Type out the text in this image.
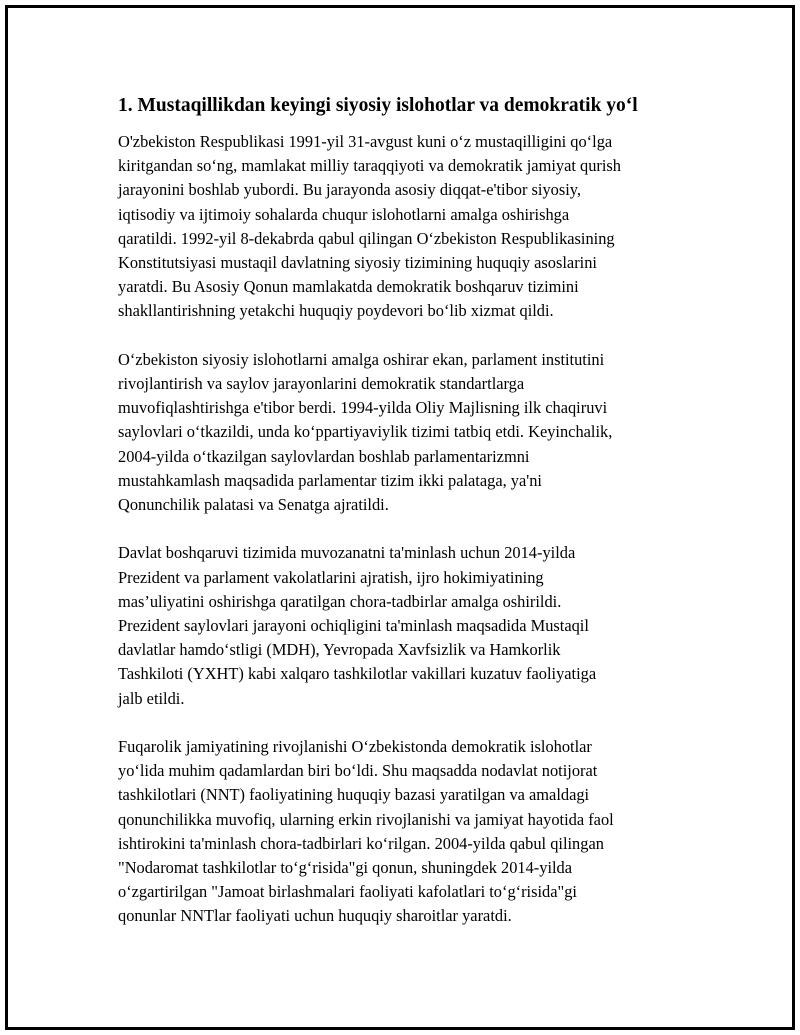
1. Mustaqillikdan keyingi siyosiy islohotlar va demokratik yo‘l

O'zbekiston Respublikasi 1991-yil 31-avgust kuni o‘z mustaqilligini qo‘lga
kiritgandan so‘ng, mamlakat milliy taraqqiyoti va demokratik jamiyat qurish
jarayonini boshlab yubordi. Bu jarayonda asosiy diqqat-e'tibor siyosiy,
iqtisodiy va ijtimoiy sohalarda chuqur islohotlarni amalga oshirishga
qaratildi. 1992-yil 8-dekabrda qabul qilingan O‘zbekiston Respublikasining
Konstitutsiyasi mustaqil davlatning siyosiy tizimining huquqiy asoslarini
yaratdi. Bu Asosiy Qonun mamlakatda demokratik boshqaruv tizimini
shakllantirishning yetakchi huquqiy poydevori bo‘lib xizmat qildi.

O‘zbekiston siyosiy islohotlarni amalga oshirar ekan, parlament institutini
rivojlantirish va saylov jarayonlarini demokratik standartlarga
muvofiqlashtirishga e'tibor berdi. 1994-yilda Oliy Majlisning ilk chaqiruvi
saylovlari o‘tkazildi, unda ko‘ppartiyaviylik tizimi tatbiq etdi. Keyinchalik,
2004-yilda o‘tkazilgan saylovlardan boshlab parlamentarizmni
mustahkamlash maqsadida parlamentar tizim ikki palataga, ya'ni
Qonunchilik palatasi va Senatga ajratildi.

Davlat boshqaruvi tizimida muvozanatni ta'minlash uchun 2014-yilda
Prezident va parlament vakolatlarini ajratish, ijro hokimiyatining
mas’uliyatini oshirishga qaratilgan chora-tadbirlar amalga oshirildi.
Prezident saylovlari jarayoni ochiqligini ta'minlash maqsadida Mustaqil
davlatlar hamdo‘stligi (MDH), Yevropada Xavfsizlik va Hamkorlik
Tashkiloti (YXHT) kabi xalqaro tashkilotlar vakillari kuzatuv faoliyatiga
jalb etildi.

Fuqarolik jamiyatining rivojlanishi O‘zbekistonda demokratik islohotlar
yo‘lida muhim qadamlardan biri bo‘ldi. Shu maqsadda nodavlat notijorat
tashkilotlari (NNT) faoliyatining huquqiy bazasi yaratilgan va amaldagi
qonunchilikka muvofiq, ularning erkin rivojlanishi va jamiyat hayotida faol
ishtirokini ta'minlash chora-tadbirlari ko‘rilgan. 2004-yilda qabul qilingan
"Nodaromat tashkilotlar to‘g‘risida"gi qonun, shuningdek 2014-yilda
o‘zgartirilgan "Jamoat birlashmalari faoliyati kafolatlari to‘g‘risida"gi
qonunlar NNTlar faoliyati uchun huquqiy sharoitlar yaratdi.
